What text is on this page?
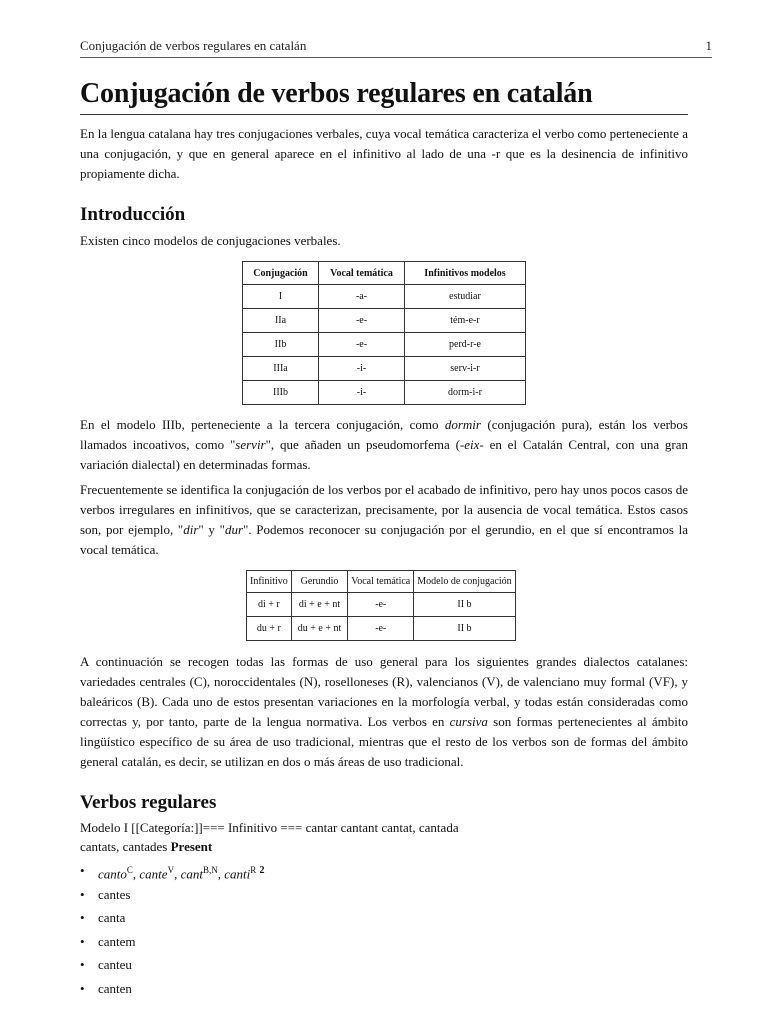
Conjugación de verbos regulares en catalán	1
Conjugación de verbos regulares en catalán

En la lengua catalana hay tres conjugaciones verbales, cuya vocal temática caracteriza el verbo como perteneciente a una conjugación, y que en general aparece en el infinitivo al lado de una -r que es la desinencia de infinitivo propiamente dicha.

Introducción

Existen cinco modelos de conjugaciones verbales.

Conjugación	Vocal temática	Infinitivos modelos
I	-a-	estudiar
IIa	-e-	tém-e-r
IIb	-e-	perd-r-e
IIIa	-i-	serv-i-r
IIIb	-i-	dorm-i-r

En el modelo IIIb, perteneciente a la tercera conjugación, como dormir (conjugación pura), están los verbos llamados incoativos, como "servir", que añaden un pseudomorfema (-eix- en el Catalán Central, con una gran variación dialectal) en determinadas formas.

Frecuentemente se identifica la conjugación de los verbos por el acabado de infinitivo, pero hay unos pocos casos de verbos irregulares en infinitivos, que se caracterizan, precisamente, por la ausencia de vocal temática. Estos casos son, por ejemplo, "dir" y "dur". Podemos reconocer su conjugación por el gerundio, en el que sí encontramos la vocal temática.

Infinitivo	Gerundio	Vocal temática	Modelo de conjugación
di + r	di + e + nt	-e-	II b
du + r	du + e + nt	-e-	II b

A continuación se recogen todas las formas de uso general para los siguientes grandes dialectos catalanes: variedades centrales (C), noroccidentales (N), roselloneses (R), valencianos (V), de valenciano muy formal (VF), y baleáricos (B). Cada uno de estos presentan variaciones en la morfología verbal, y todas están consideradas como correctas y, por tanto, parte de la lengua normativa. Los verbos en cursiva son formas pertenecientes al ámbito lingüístico específico de su área de uso tradicional, mientras que el resto de los verbos son de formas del ámbito general catalán, es decir, se utilizan en dos o más áreas de uso tradicional.

Verbos regulares
Modelo I [[Categoría:]]=== Infinitivo === cantar cantant cantat, cantada
cantats, cantades Present
• canto$^C$, cante$^V$, cant$^{B,N}$, canti$^R$ $^2$
• cantes
• canta
• cantem
• canteu
• canten
